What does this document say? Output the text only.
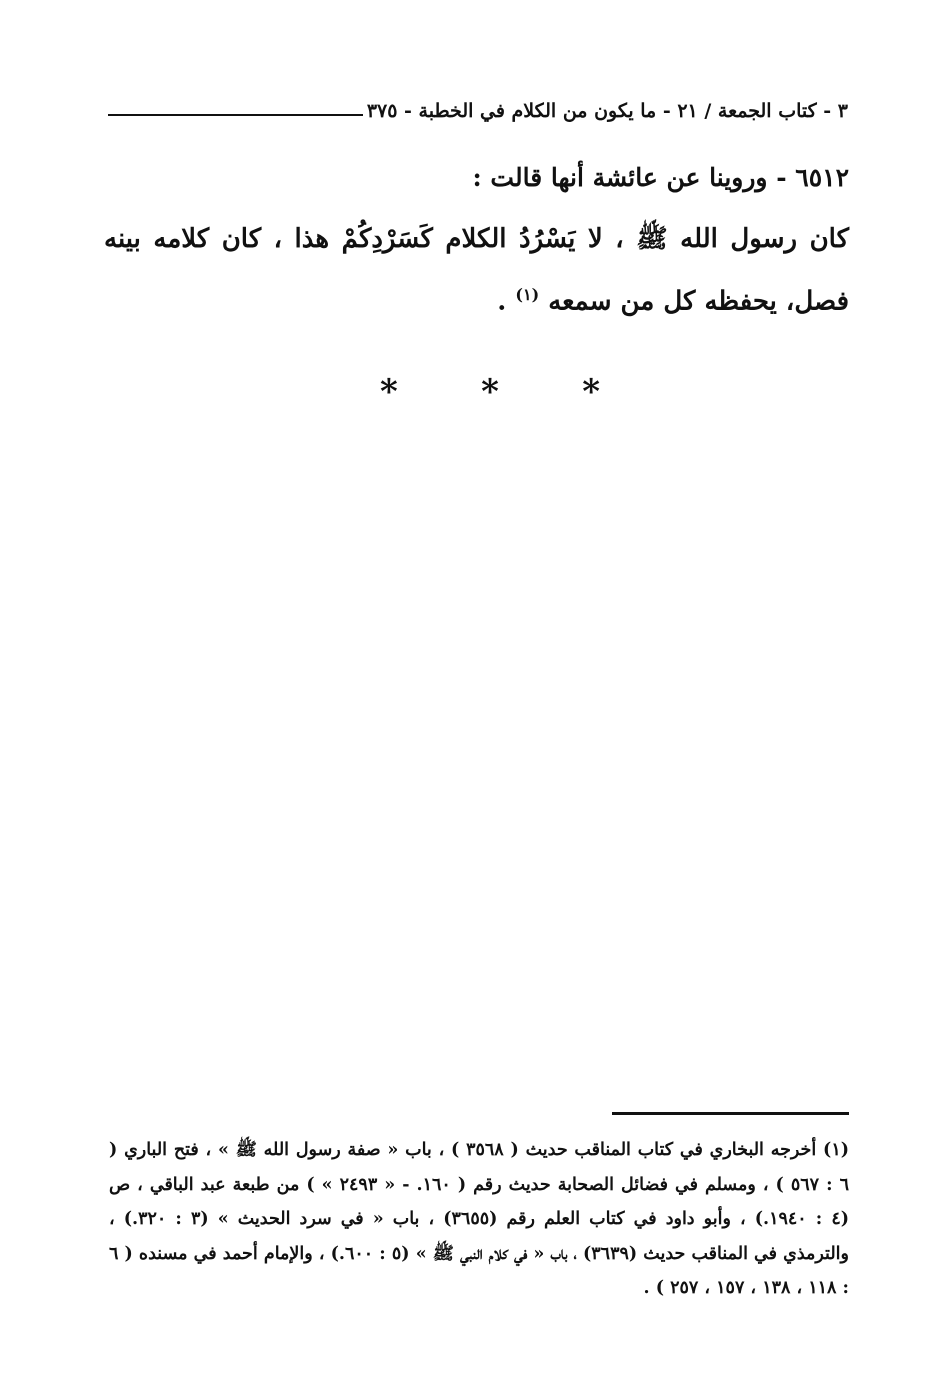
٣ - كتاب الجمعة / ٢١ - ما يكون من الكلام في الخطبة - ٣٧٥
٦٥١٢ - وروينا عن عائشة أنها قالت :
كان رسول الله ﷺ ، لا يَسْرُدُ الكلام كَسَرْدِكُمْ هذا ، كان كلامه بينه فصل، يحفظه كل من سمعه $^{(١)}$ .
* * *
(١) أخرجه البخاري في كتاب المناقب حديث ( ٣٥٦٨ ) ، باب « صفة رسول الله ﷺ » ، فتح الباري ( ٦ : ٥٦٧ ) ، ومسلم في فضائل الصحابة حديث رقم ( ١٦٠. - « ٢٤٩٣ » ) من طبعة عبد الباقي ، ص (٤ : ١٩٤٠.) ، وأبو داود في كتاب العلم رقم (٣٦٥٥) ، باب « في سرد الحديث » (٣ : ٣٢٠.) ، والترمذي في المناقب حديث (٣٦٣٩) ، باب « في كلام النبي ﷺ » (٥ : ٦٠٠.) ، والإمام أحمد في مسنده ( ٦ : ١١٨ ، ١٣٨ ، ١٥٧ ، ٢٥٧ ) .
